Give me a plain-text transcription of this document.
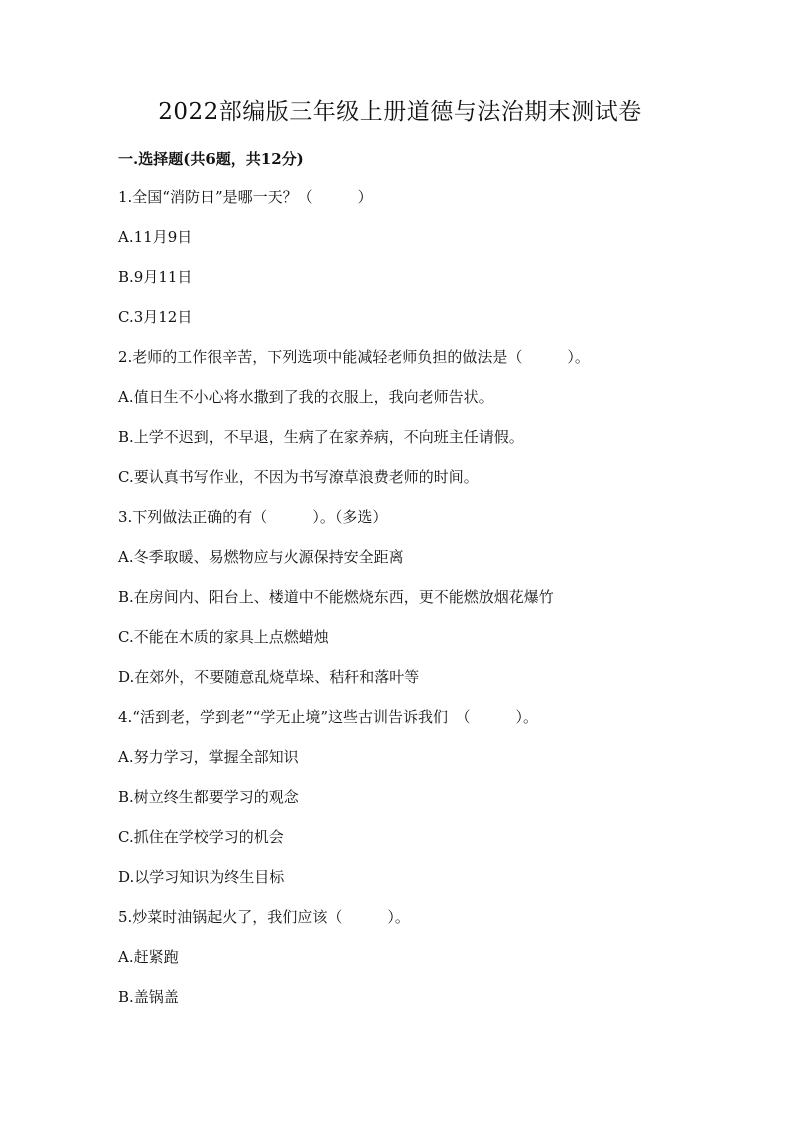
2022部编版三年级上册道德与法治期末测试卷
一.选择题(共6题，共12分)
1.全国“消防日”是哪一天？（　　　）
A.11月9日
B.9月11日
C.3月12日
2.老师的工作很辛苦，下列选项中能减轻老师负担的做法是（　　　）。
A.值日生不小心将水撒到了我的衣服上，我向老师告状。
B.上学不迟到，不早退，生病了在家养病，不向班主任请假。
C.要认真书写作业，不因为书写潦草浪费老师的时间。
3.下列做法正确的有（　　　）。（多选）
A.冬季取暖、易燃物应与火源保持安全距离
B.在房间内、阳台上、楼道中不能燃烧东西，更不能燃放烟花爆竹
C.不能在木质的家具上点燃蜡烛
D.在郊外，不要随意乱烧草垛、秸秆和落叶等
4.“活到老，学到老”“学无止境”这些古训告诉我们　（　　　）。
A.努力学习，掌握全部知识
B.树立终生都要学习的观念
C.抓住在学校学习的机会
D.以学习知识为终生目标
5.炒菜时油锅起火了，我们应该（　　　）。
A.赶紧跑
B.盖锅盖
